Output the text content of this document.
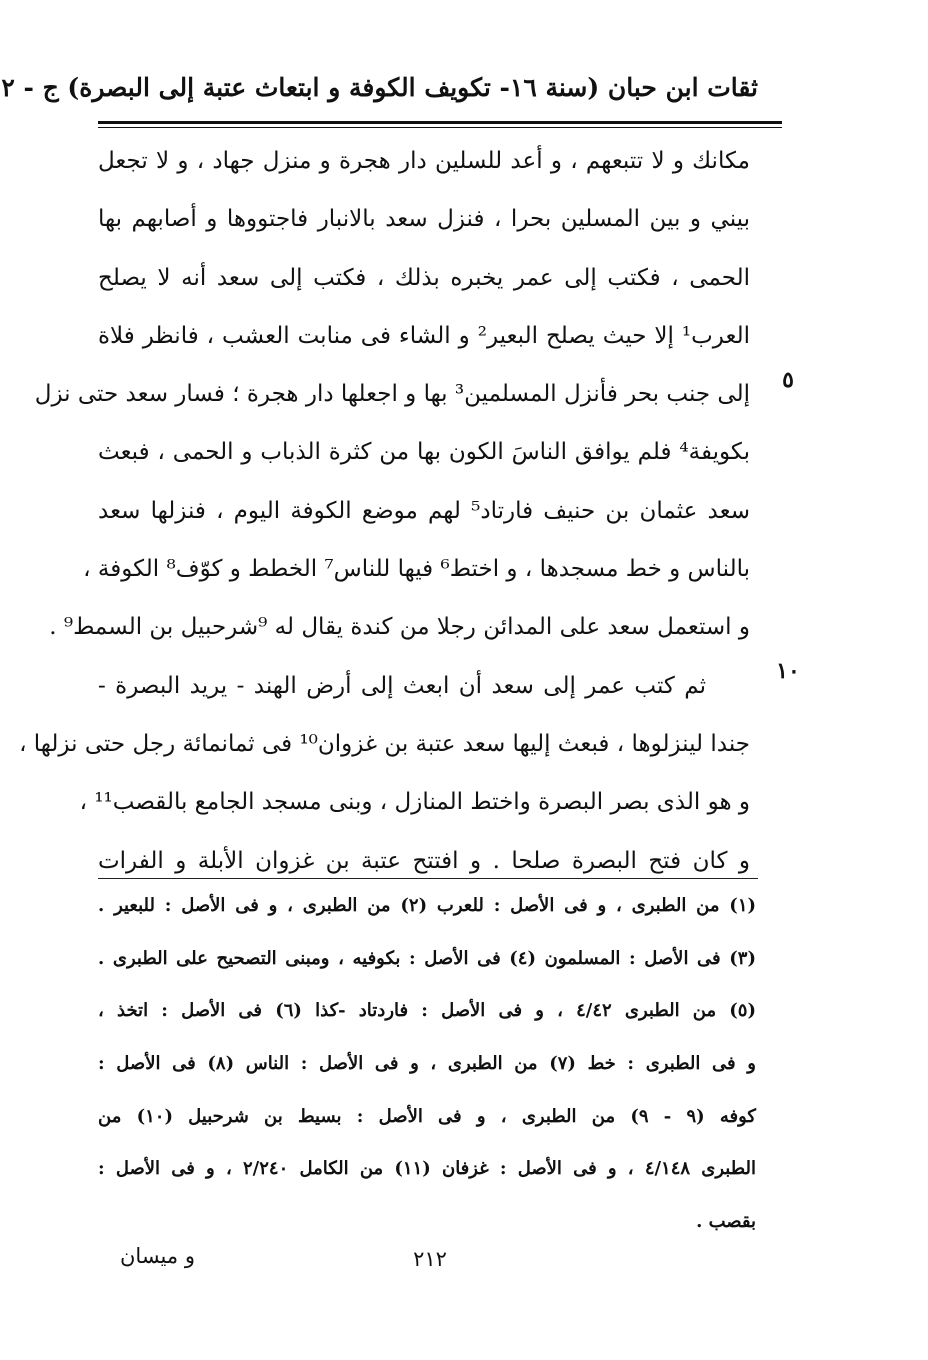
ثقات ابن حبان (سنة ١٦- تكويف الكوفة و ابتعاث عتبة إلى البصرة) ج - ٢
٥
١٠
مكانك و لا تتبعهم ، و أعد للسلين دار هجرة و منزل جهاد ، و لا تجعل
بيني و بين المسلين بحرا ، فنزل سعد بالانبار فاجتووها و أصابهم بها
الحمى ، فكتب إلى عمر يخبره بذلك ، فكتب إلى سعد أنه لا يصلح
العرب¹ إلا حيث يصلح البعير² و الشاء فى منابت العشب ، فانظر فلاة
إلى جنب بحر فأنزل المسلمين³ بها و اجعلها دار هجرة ؛ فسار سعد حتى نزل
بكويفة⁴ فلم يوافق الناسَ الكون بها من كثرة الذباب و الحمى ، فبعث
سعد عثمان بن حنيف فارتاد⁵ لهم موضع الكوفة اليوم ، فنزلها سعد
بالناس و خط مسجدها ، و اختط⁶ فيها للناس⁷ الخطط و كوّف⁸ الكوفة ،
و استعمل سعد على المدائن رجلا من كندة يقال له ⁹شرحبيل بن السمط⁹ .
ثم كتب عمر إلى سعد أن ابعث إلى أرض الهند - يريد البصرة -
جندا لينزلوها ، فبعث إليها سعد عتبة بن غزوان¹⁰ فى ثمانمائة رجل حتى نزلها ،
و هو الذى بصر البصرة واختط المنازل ، وبنى مسجد الجامع بالقصب¹¹ ،
و كان فتح البصرة صلحا . و افتتح عتبة بن غزوان الأبلة و الفرات
(١) من الطبرى ، و فى الأصل : للعرب (٢) من الطبرى ، و فى الأصل : للبعير .
(٣) فى الأصل : المسلمون (٤) فى الأصل : بكوفيه ، ومبنى التصحيح على الطبرى .
(٥) من الطبرى ٤/٤٢ ، و فى الأصل : فاردتاد -كذا (٦) فى الأصل : اتخذ ،
و فى الطبرى : خط (٧) من الطبرى ، و فى الأصل : الناس (٨) فى الأصل :
كوفه (٩ - ٩) من الطبرى ، و فى الأصل : بسيط بن شرحبيل (١٠) من
الطبرى ٤/١٤٨ ، و فى الأصل : غزفان (١١) من الكامل ٢/٢٤٠ ، و فى الأصل :
بقصب .
٢١٢
و ميسان
